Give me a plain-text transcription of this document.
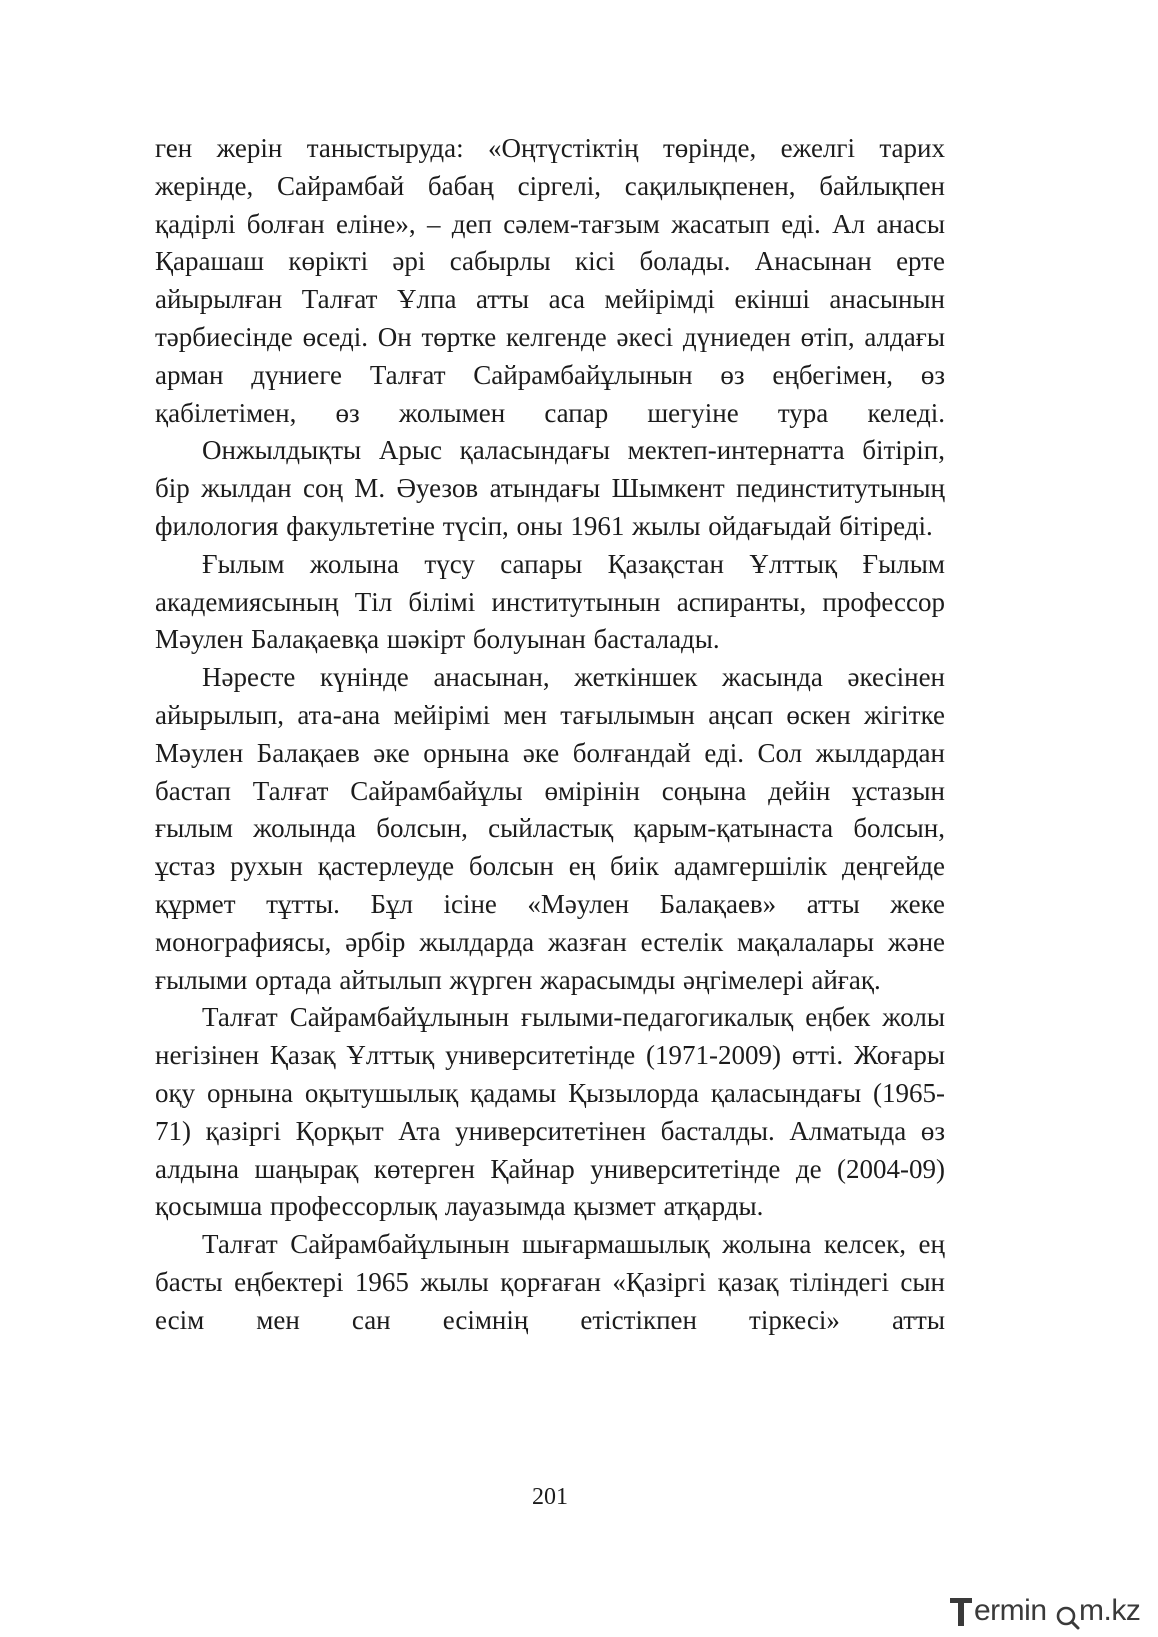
ген жерін таныстыруда: «Оңтүстіктің төрінде, ежелгі тарих жерінде, Сайрамбай бабаң сіргелі, сақилықпенен, байлықпен қадірлі болған еліне», – деп сәлем-тағзым жасатып еді. Ал анасы Қарашаш көрікті әрі сабырлы кісі болады. Анасынан ерте айырылған Талғат Ұлпа атты аса мейірімді екінші анасынын тәрбиесінде өседі. Он төртке келгенде әкесі дүниеден өтіп, алдағы арман дүниеге Талғат Сайрамбайұлынын өз еңбегімен, өз қабілетімен, өз жолымен сапар шегуіне тура келеді.

Онжылдықты Арыс қаласындағы мектеп-интернатта бітіріп, бір жылдан соң М. Әуезов атындағы Шымкент пединститутының филология факультетіне түсіп, оны 1961 жылы ойдағыдай бітіреді.

Ғылым жолына түсу сапары Қазақстан Ұлттық Ғылым академиясының Тіл білімі институтынын аспиранты, профессор Мәулен Балақаевқа шәкірт болуынан басталады.

Нәресте күнінде анасынан, жеткіншек жасында әкесінен айырылып, ата-ана мейірімі мен тағылымын аңсап өскен жігітке Мәулен Балақаев әке орнына әке болғандай еді. Сол жылдардан бастап Талғат Сайрамбайұлы өмірінін соңына дейін ұстазын ғылым жолында болсын, сыйластық қарым-қатынаста болсын, ұстаз рухын қастерлеуде болсын ең биік адамгершілік деңгейде құрмет тұтты. Бұл ісіне «Мәулен Балақаев» атты жеке монографиясы, әрбір жылдарда жазған естелік мақалалары және ғылыми ортада айтылып жүрген жарасымды әңгімелері айғақ.

Талғат Сайрамбайұлынын ғылыми-педагогикалық еңбек жолы негізінен Қазақ Ұлттық университетінде (1971-2009) өтті. Жоғары оқу орнына оқытушылық қадамы Қызылорда қаласындағы (1965-71) қазіргі Қорқыт Ата университетінен басталды. Алматыда өз алдына шаңырақ көтерген Қайнар университетінде де (2004-09) қосымша профессорлық лауазымда қызмет атқарды.

Талғат Сайрамбайұлынын шығармашылық жолына келсек, ең басты еңбектері 1965 жылы қорғаған «Қазіргі қазақ тіліндегі сын есім мен сан есімнің етістікпен тіркесі» атты

201
ermin m.kz
